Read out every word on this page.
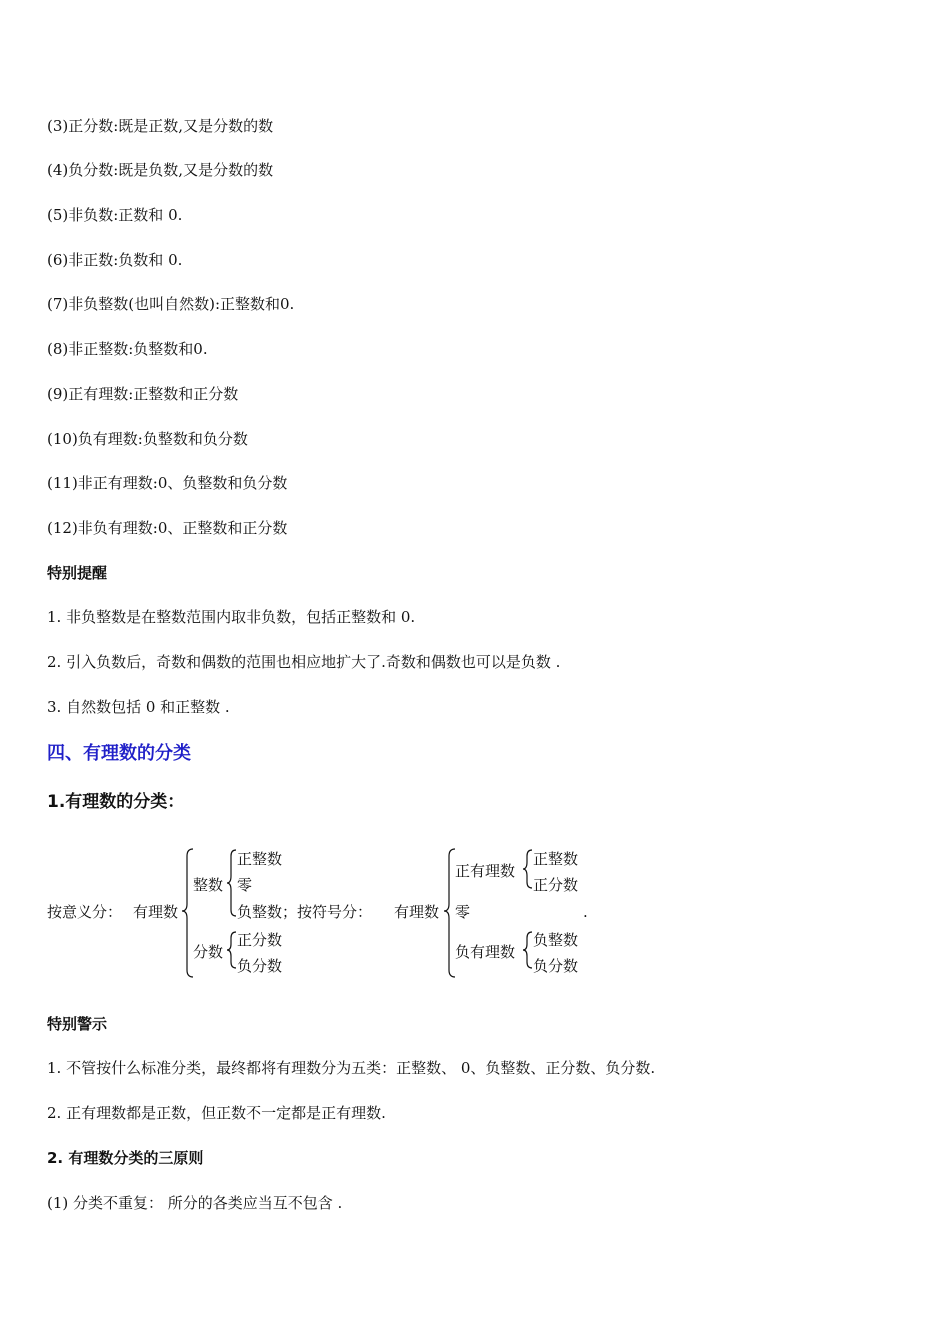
(3)正分数:既是正数,又是分数的数
(4)负分数:既是负数,又是分数的数
(5)非负数:正数和 0.
(6)非正数:负数和 0.
(7)非负整数(也叫自然数):正整数和0.
(8)非正整数:负整数和0.
(9)正有理数:正整数和正分数
(10)负有理数:负整数和负分数
(11)非正有理数:0、负整数和负分数
(12)非负有理数:0、正整数和正分数
特别提醒
1. 非负整数是在整数范围内取非负数，包括正整数和 0.
2. 引入负数后，奇数和偶数的范围也相应地扩大了.奇数和偶数也可以是负数 .
3. 自然数包括 0 和正整数 .
四、有理数的分类
1.有理数的分类：
按意义分： 有理数
整数
正整数
零
负整数；按符号分：
分数
正分数
负分数
有理数
正有理数
正整数
正分数
零
负有理数
负整数
负分数
.
特别警示
1. 不管按什么标准分类，最终都将有理数分为五类：正整数、 0、负整数、正分数、负分数.
2. 正有理数都是正数，但正数不一定都是正有理数.
2. 有理数分类的三原则
(1) 分类不重复： 所分的各类应当互不包含 .
